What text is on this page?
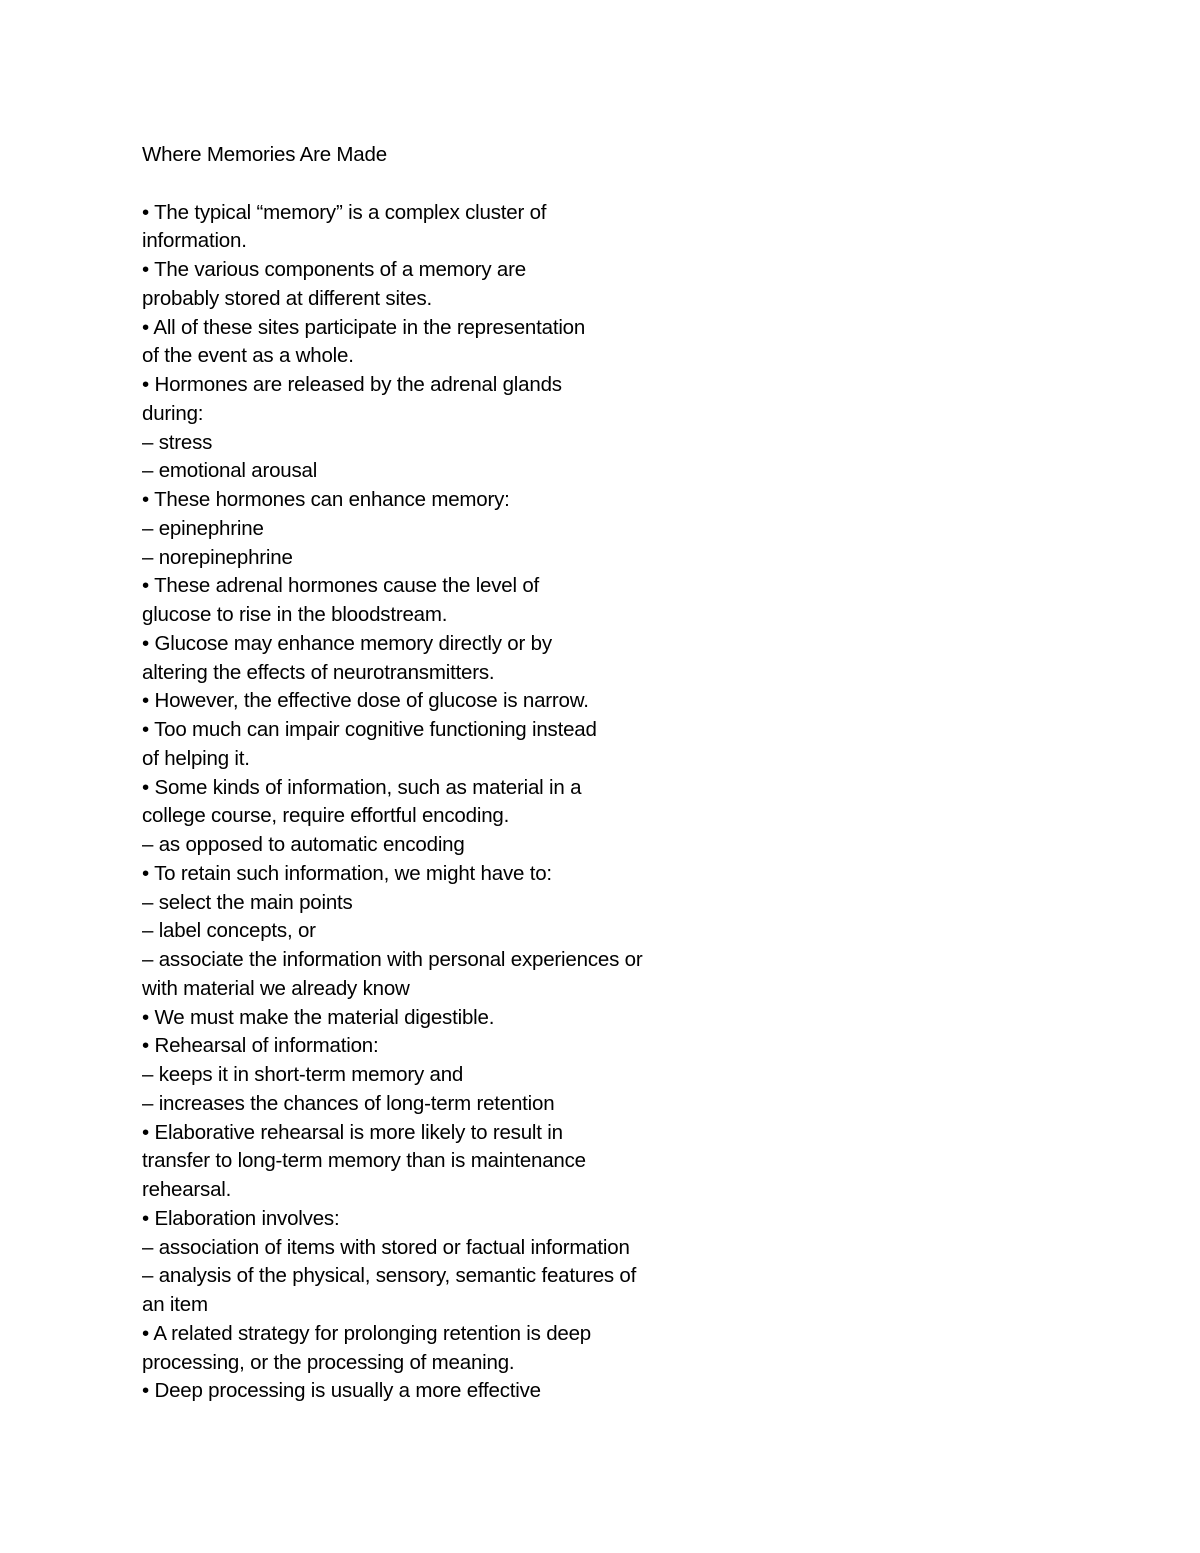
Where Memories Are Made
• The typical “memory” is a complex cluster of
information.
• The various components of a memory are
probably stored at different sites.
• All of these sites participate in the representation
of the event as a whole.
• Hormones are released by the adrenal glands
during:
– stress
– emotional arousal
• These hormones can enhance memory:
– epinephrine
– norepinephrine
• These adrenal hormones cause the level of
glucose to rise in the bloodstream.
• Glucose may enhance memory directly or by
altering the effects of neurotransmitters.
• However, the effective dose of glucose is narrow.
• Too much can impair cognitive functioning instead
of helping it.
• Some kinds of information, such as material in a
college course, require effortful encoding.
– as opposed to automatic encoding
• To retain such information, we might have to:
– select the main points
– label concepts, or
– associate the information with personal experiences or
with material we already know
• We must make the material digestible.
• Rehearsal of information:
– keeps it in short-term memory and
– increases the chances of long-term retention
• Elaborative rehearsal is more likely to result in
transfer to long-term memory than is maintenance
rehearsal.
• Elaboration involves:
– association of items with stored or factual information
– analysis of the physical, sensory, semantic features of
an item
• A related strategy for prolonging retention is deep
processing, or the processing of meaning.
• Deep processing is usually a more effective
